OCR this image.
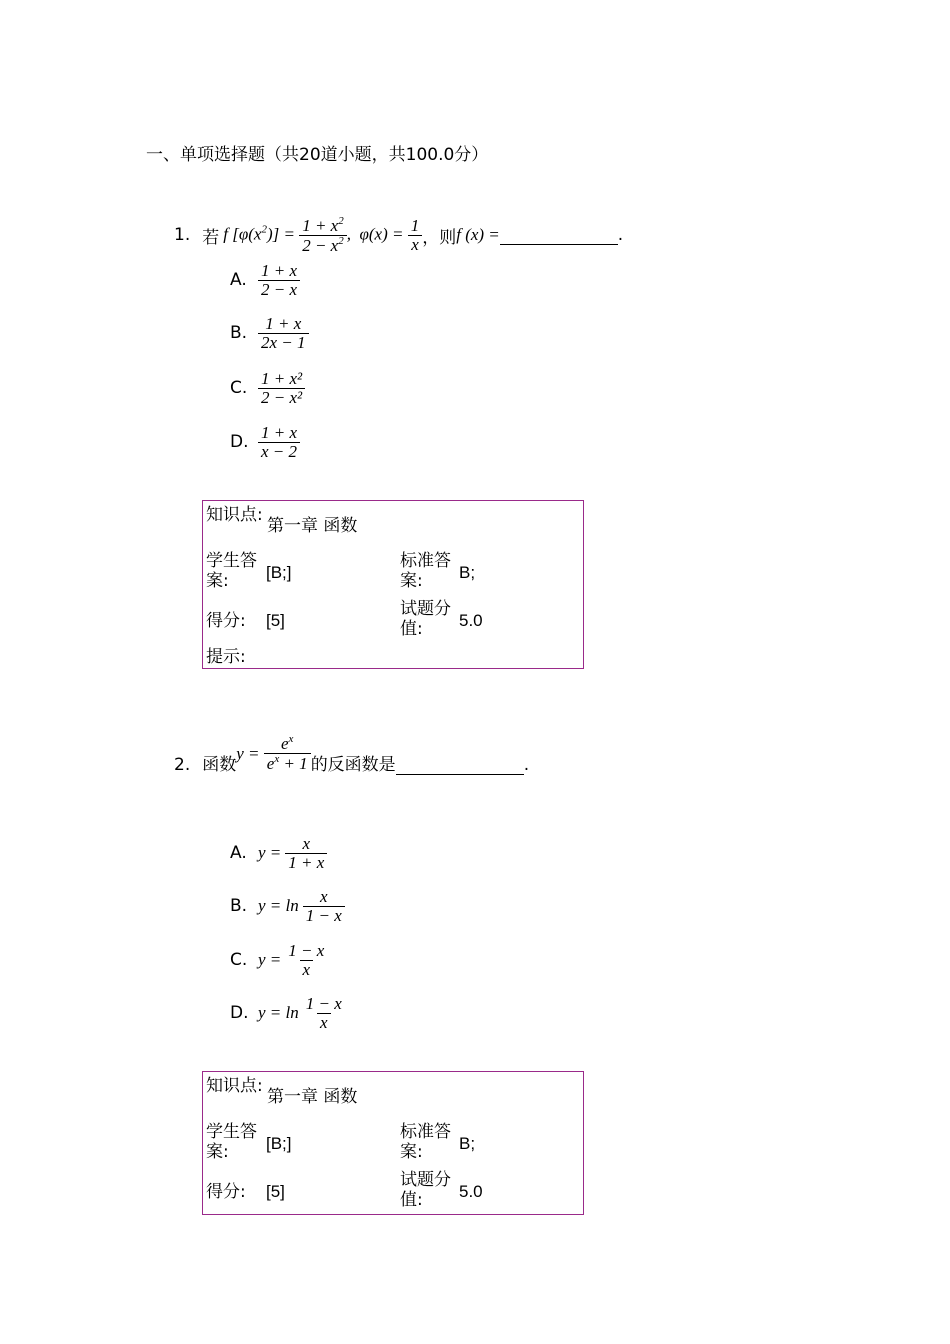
一、单项选择题（共20道小题，共100.0分）
1. 若 f $[\varphi(x^2)] = \frac{1 + x^2}{2 - x^2}$ ,  $\varphi(x) = \frac{1}{x}$ ，则 f (x) =	.
A. $\frac{1 + x}{2 - x}$
B. $\frac{1 + x}{2x - 1}$
C. $\frac{\text{1 + x²}}{\text{2 − x²}}$
D. $\frac{1 + x}{x - 2}$
知识点:
第一章 函数
学生答案:	[B;]
标准答案:	B;
得分: [5]
试题分值:	5.0
提示:
2. 函数
$y = \frac{e^x}{e^x + 1}$ 的反函数是	.
A. $y = \frac{x}{1 + x}$
B. $y = \ln \frac{x}{1 - x}$
C. $y = \frac{1 - x}{x}$
D. $y = \ln \frac{1 - x}{x}$
知识点:
第一章 函数
学生答案:	[B;]
标准答案:	B;
得分: [5]
试题分值:	5.0
